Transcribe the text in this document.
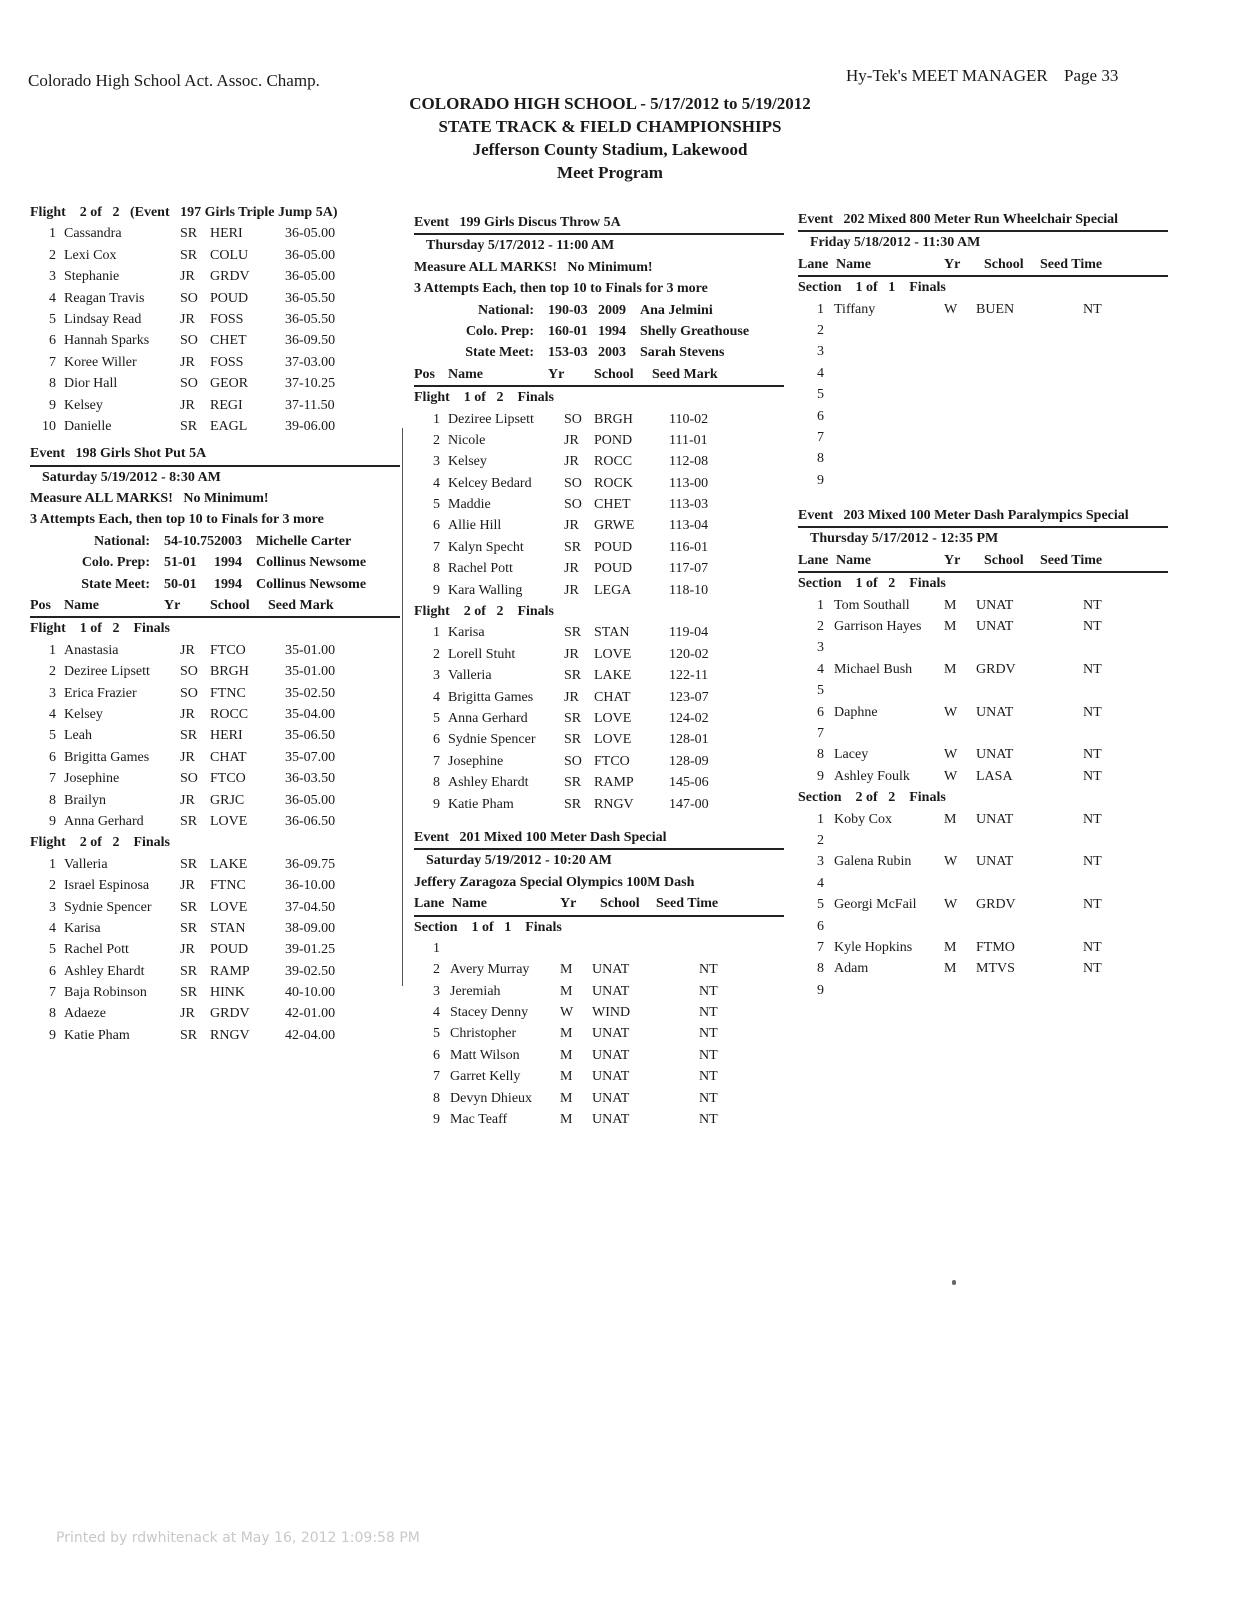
Colorado High School Act. Assoc. Champ.	Hy-Tek's MEET MANAGER Page 33
COLORADO HIGH SCHOOL - 5/17/2012 to 5/19/2012
STATE TRACK & FIELD CHAMPIONSHIPS
Jefferson County Stadium, Lakewood
Meet Program
Flight    2 of   2   (Event   197 Girls Triple Jump 5A)
1 Cassandra	SR HERI	36-05.00
2 Lexi Cox	SR COLU	36-05.00
3 Stephanie	JR GRDV	36-05.00
4 Reagan Travis	SO POUD	36-05.50
5 Lindsay Read	JR FOSS	36-05.50
6 Hannah Sparks SO CHET	36-09.50
7 Koree Willer	JR FOSS	37-03.00
8 Dior Hall	SO GEOR	37-10.25
9 Kelsey	JR REGI	37-11.50
10 Danielle	SR EAGL	39-06.00
Event   198 Girls Shot Put 5A
Saturday 5/19/2012 - 8:30 AM
Measure ALL MARKS!   No Minimum!
3 Attempts Each, then top 10 to Finals for 3 more
National: 54-10.75 2003 Michelle Carter
Colo. Prep: 51-01 1994 Collinus Newsome
State Meet: 50-01 1994 Collinus Newsome
Pos Name	Yr School Seed Mark
Flight    1 of   2    Finals
1 Anastasia	JR FTCO	35-01.00
2 Deziree Lipsett SO BRGH	35-01.00
3 Erica Frazier	SO FTNC	35-02.50
4 Kelsey	JR ROCC	35-04.00
5 Leah	SR HERI	35-06.50
6 Brigitta Games JR CHAT	35-07.00
7 Josephine	SO FTCO	36-03.50
8 Brailyn	JR GRJC	36-05.00
9 Anna Gerhard	SR LOVE	36-06.50
Flight    2 of   2    Finals
1 Valleria	SR LAKE	36-09.75
2 Israel Espinosa JR FTNC	36-10.00
3 Sydnie Spencer SR LOVE	37-04.50
4 Karisa	SR STAN	38-09.00
5 Rachel Pott	JR POUD	39-01.25
6 Ashley Ehardt	SR RAMP	39-02.50
7 Baja Robinson SR HINK	40-10.00
8 Adaeze	JR GRDV	42-01.00
9 Katie Pham	SR RNGV	42-04.00
Event   199 Girls Discus Throw 5A
Thursday 5/17/2012 - 11:00 AM
Measure ALL MARKS!   No Minimum!
3 Attempts Each, then top 10 to Finals for 3 more
National: 190-03 2009 Ana Jelmini
Colo. Prep: 160-01 1994 Shelly Greathouse
State Meet: 153-03 2003 Sarah Stevens
Pos Name	Yr School Seed Mark
Flight    1 of   2    Finals
1 Deziree Lipsett SO BRGH	110-02
2 Nicole	JR POND	111-01
3 Kelsey	JR ROCC	112-08
4 Kelcey Bedard SO ROCK	113-00
5 Maddie	SO CHET	113-03
6 Allie Hill	JR GRWE 113-04
7 Kalyn Specht	SR POUD	116-01
8 Rachel Pott	JR POUD	117-07
9 Kara Walling	JR LEGA	118-10
Flight    2 of   2    Finals
1 Karisa	SR STAN	119-04
2 Lorell Stuht	JR LOVE	120-02
3 Valleria	SR LAKE	122-11
4 Brigitta Games JR CHAT	123-07
5 Anna Gerhard	SR LOVE	124-02
6 Sydnie Spencer SR LOVE	128-01
7 Josephine	SO FTCO	128-09
8 Ashley Ehardt	SR RAMP	145-06
9 Katie Pham	SR RNGV	147-00
Event   201 Mixed 100 Meter Dash Special
Saturday 5/19/2012 - 10:20 AM
Jeffery Zaragoza Special Olympics 100M Dash
Lane Name	Yr School Seed Time
Section    1 of   1    Finals
1
2 Avery Murray M UNAT	NT
3 Jeremiah	M UNAT	NT
4 Stacey Denny W WIND	NT
5 Christopher	M UNAT	NT
6 Matt Wilson	M UNAT	NT
7 Garret Kelly	M UNAT	NT
8 Devyn Dhieux M UNAT	NT
9 Mac Teaff	M UNAT	NT
Event   202 Mixed 800 Meter Run Wheelchair Special
Friday 5/18/2012 - 11:30 AM
Lane Name	Yr School Seed Time
Section    1 of   1    Finals
1 Tiffany	W BUEN	NT
2
3
4
5
6
7
8
9
Event   203 Mixed 100 Meter Dash Paralympics Special
Thursday 5/17/2012 - 12:35 PM
Lane Name	Yr School Seed Time
Section    1 of   2    Finals
1 Tom Southall M UNAT	NT
2 Garrison Hayes M UNAT	NT
3
4 Michael Bush M GRDV	NT
5
6 Daphne	W UNAT	NT
7
8 Lacey	W UNAT	NT
9 Ashley Foulk W LASA	NT
Section    2 of   2    Finals
1 Koby Cox	M UNAT	NT
2
3 Galena Rubin W UNAT	NT
4
5 Georgi McFail W GRDV	NT
6
7 Kyle Hopkins M FTMO	NT
8 Adam	M MTVS	NT
9
Printed by rdwhitenack at May 16, 2012 1:09:58 PM
